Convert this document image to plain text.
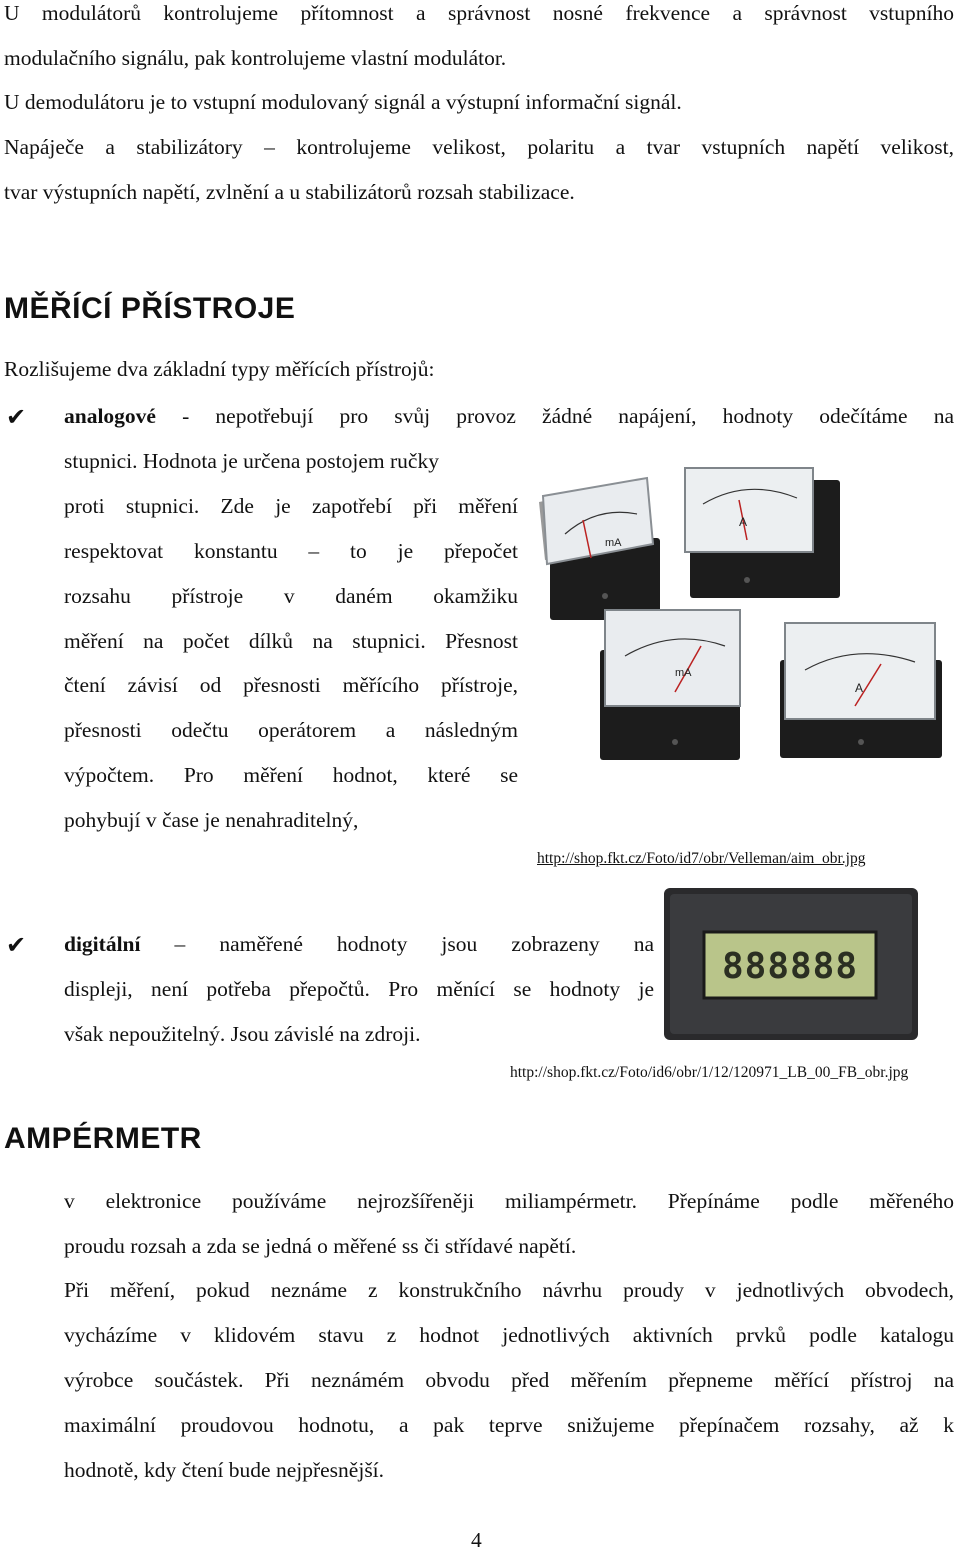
U modulátorů kontrolujeme přítomnost a správnost nosné frekvence a správnost vstupního
modulačního signálu, pak kontrolujeme vlastní modulátor.
U demodulátoru je to vstupní modulovaný signál a výstupní informační signál.
Napáječe a stabilizátory – kontrolujeme velikost, polaritu a tvar vstupních napětí velikost,
tvar výstupních napětí, zvlnění a u stabilizátorů rozsah stabilizace.
MĚŘÍCÍ PŘÍSTROJE
Rozlišujeme dva základní typy měřících přístrojů:
✔ analogové - nepotřebují pro svůj provoz žádné napájení, hodnoty odečítáme na
stupnici. Hodnota je určena postojem ručky
proti stupnici. Zde je zapotřebí při měření
respektovat konstantu – to je přepočet
rozsahu přístroje v daném okamžiku
měření na počet dílků na stupnici. Přesnost
čtení závisí od přesnosti měřícího přístroje,
přesnosti odečtu operátorem a následným
výpočtem. Pro měření hodnot, které se
pohybují v čase je nenahraditelný,
mA
A
mA
A
http://shop.fkt.cz/Foto/id7/obr/Velleman/aim_obr.jpg
✔ digitální – naměřené hodnoty jsou zobrazeny na
displeji, není potřeba přepočtů. Pro měnící se hodnoty je
však nepoužitelný. Jsou závislé na zdroji.
888888
http://shop.fkt.cz/Foto/id6/obr/1/12/120971_LB_00_FB_obr.jpg
AMPÉRMETR
v elektronice používáme nejrozšířeněji miliampérmetr. Přepínáme podle měřeného
proudu rozsah a zda se jedná o měřené ss či střídavé napětí.
Při měření, pokud neznáme z konstrukčního návrhu proudy v jednotlivých obvodech,
vycházíme v klidovém stavu z hodnot jednotlivých aktivních prvků podle katalogu
výrobce součástek. Při neznámém obvodu před měřením přepneme měřící přístroj na
maximální proudovou hodnotu, a pak teprve snižujeme přepínačem rozsahy, až k
hodnotě, kdy čtení bude nejpřesnější.
4
